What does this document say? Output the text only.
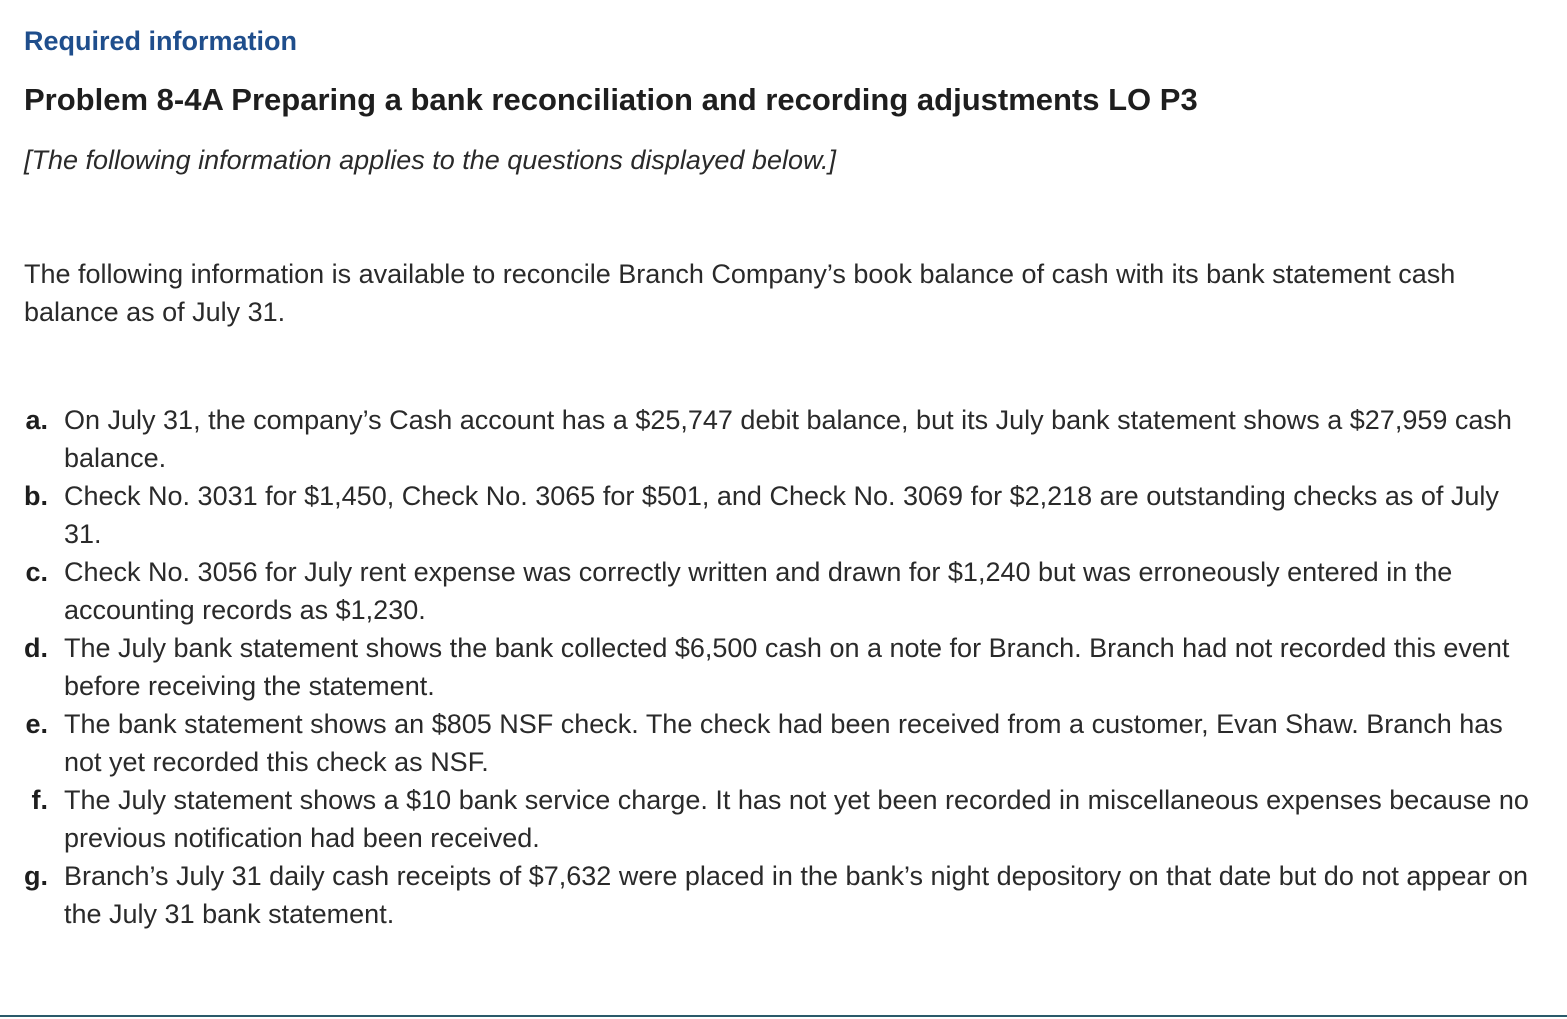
Required information
Problem 8-4A Preparing a bank reconciliation and recording adjustments LO P3

[The following information applies to the questions displayed below.]

The following information is available to reconcile Branch Company’s book balance of cash with its bank statement cash balance as of July 31.

a. On July 31, the company’s Cash account has a $25,747 debit balance, but its July bank statement shows a $27,959 cash balance.
b. Check No. 3031 for $1,450, Check No. 3065 for $501, and Check No. 3069 for $2,218 are outstanding checks as of July 31.
c. Check No. 3056 for July rent expense was correctly written and drawn for $1,240 but was erroneously entered in the accounting records as $1,230.
d. The July bank statement shows the bank collected $6,500 cash on a note for Branch. Branch had not recorded this event before receiving the statement.
e. The bank statement shows an $805 NSF check. The check had been received from a customer, Evan Shaw. Branch has not yet recorded this check as NSF.
f. The July statement shows a $10 bank service charge. It has not yet been recorded in miscellaneous expenses because no previous notification had been received.
g. Branch’s July 31 daily cash receipts of $7,632 were placed in the bank’s night depository on that date but do not appear on the July 31 bank statement.
